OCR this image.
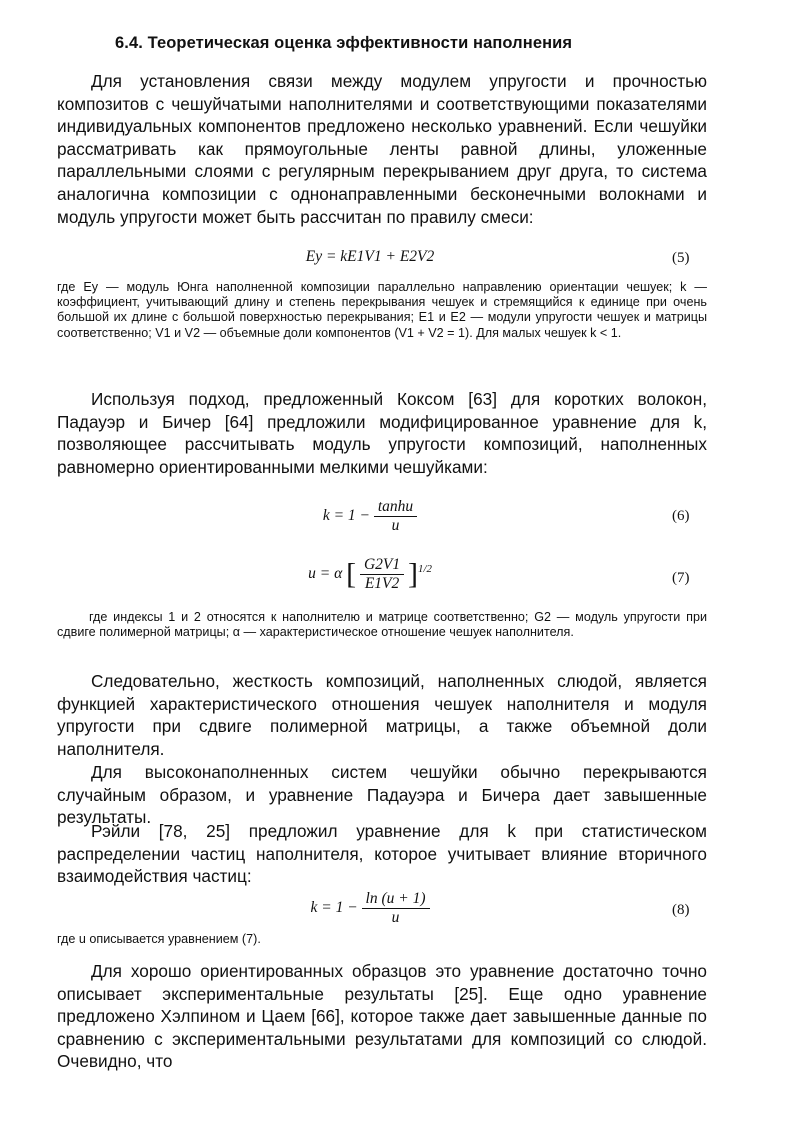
6.4. Теоретическая оценка эффективности наполнения

Для установления связи между модулем упругости и прочностью композитов с чешуйчатыми наполнителями и соответствующими показателями индивидуальных компонентов предложено несколько уравнений. Если чешуйки рассматривать как прямоугольные ленты равной длины, уложенные параллельными слоями с регулярным перекрыванием друг друга, то система аналогична композиции с однонаправленными бесконечными волокнами и модуль упругости может быть рассчитан по правилу смеси:

Ey = kE1V1 + E2V2	(5)

где Ey — модуль Юнга наполненной композиции параллельно направлению ориентации чешуек; k — коэффициент, учитывающий длину и степень перекрывания чешуек и стремящийся к единице при очень большой их длине с большой поверхностью перекрывания; E1 и E2 — модули упругости чешуек и матрицы соответственно; V1 и V2 — объемные доли компонентов (V1 + V2 = 1). Для малых чешуек k < 1.

Используя подход, предложенный Коксом [63] для коротких волокон, Падауэр и Бичер [64] предложили модифицированное уравнение для k, позволяющее рассчитывать модуль упругости композиций, наполненных равномерно ориентированными мелкими чешуйками:

$k = 1 - \frac{\tanh u}{u}$	(6)
u = α [ $\frac{G2V1}{E1V2} ]^{1/2}$
(7)

где индексы 1 и 2 относятся к наполнителю и матрице соответственно; G2 — модуль упругости при сдвиге полимерной матрицы; α — характеристическое отношение чешуек наполнителя.

Следовательно, жесткость композиций, наполненных слюдой, является функцией характеристического отношения чешуек наполнителя и модуля упругости при сдвиге полимерной матрицы, а также объемной доли наполнителя.

Для высоконаполненных систем чешуйки обычно перекрываются случайным образом, и уравнение Падауэра и Бичера дает завышенные результаты.

Рэйли [78, 25] предложил уравнение для k при статистическом распределении частиц наполнителя, которое учитывает влияние вторичного взаимодействия частиц:

$k = 1 - \frac{\ln (u + 1)}{u}$	(8)

где u описывается уравнением (7).

Для хорошо ориентированных образцов это уравнение достаточно точно описывает экспериментальные результаты [25]. Еще одно уравнение предложено Хэлпином и Цаем [66], которое также дает завышенные данные по сравнению с экспериментальными результатами для композиций со слюдой. Очевидно, что
